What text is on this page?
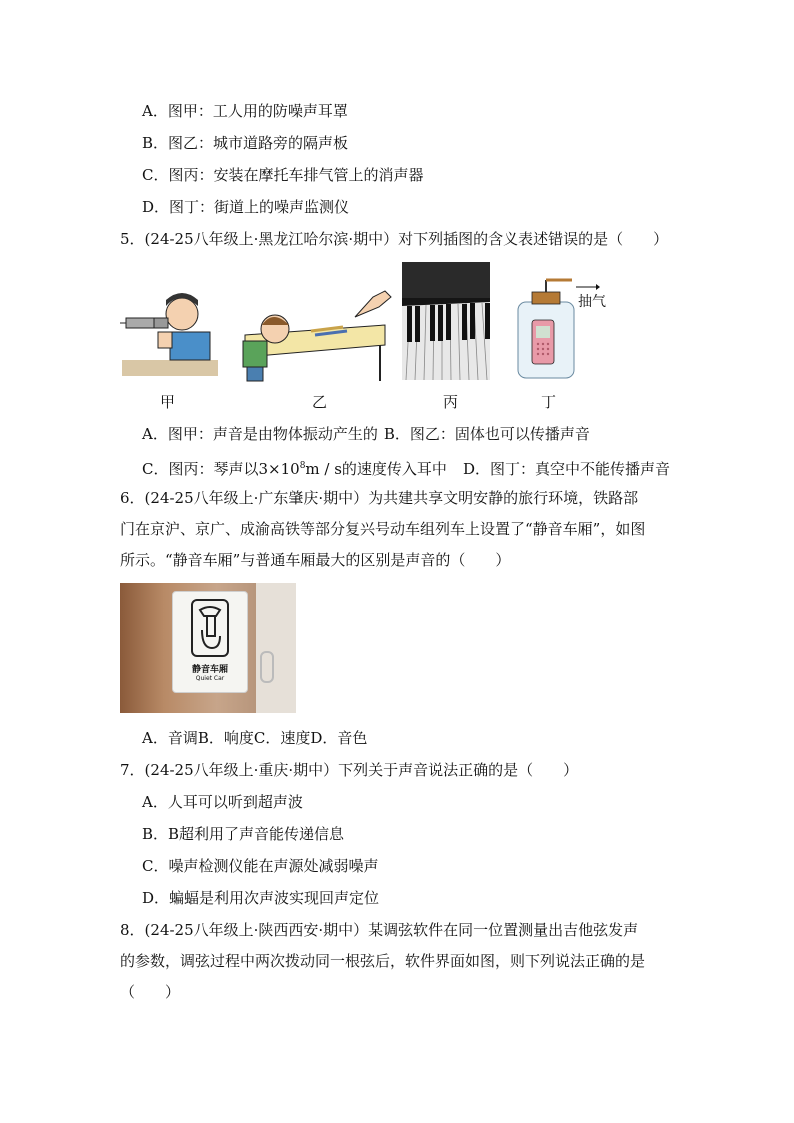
A．图甲：工人用的防噪声耳罩
B．图乙：城市道路旁的隔声板
C．图丙：安装在摩托车排气管上的消声器
D．图丁：街道上的噪声监测仪
5．(24-25八年级上·黑龙江哈尔滨·期中）对下列插图的含义表述错误的是（　　）
抽气
甲	乙	丙	丁
A．图甲：声音是由物体振动产生的 B．图乙：固体也可以传播声音
C．图丙：琴声以$3\times 10^8m / s$的速度传入耳中 D．图丁：真空中不能传播声音
6．(24-25八年级上·广东肇庆·期中）为共建共享文明安静的旅行环境，铁路部
门在京沪、京广、成渝高铁等部分复兴号动车组列车上设置了“静音车厢”，如图
所示。“静音车厢”与普通车厢最大的区别是声音的（　　）
静音车厢
Quiet Car
A．音调B．响度C．速度D．音色
7．(24-25八年级上·重庆·期中）下列关于声音说法正确的是（　　）
A．人耳可以听到超声波
B．B超利用了声音能传递信息
C．噪声检测仪能在声源处减弱噪声
D．蝙蝠是利用次声波实现回声定位
8．(24-25八年级上·陕西西安·期中）某调弦软件在同一位置测量出吉他弦发声
的参数，调弦过程中两次拨动同一根弦后，软件界面如图，则下列说法正确的是
（　　）
